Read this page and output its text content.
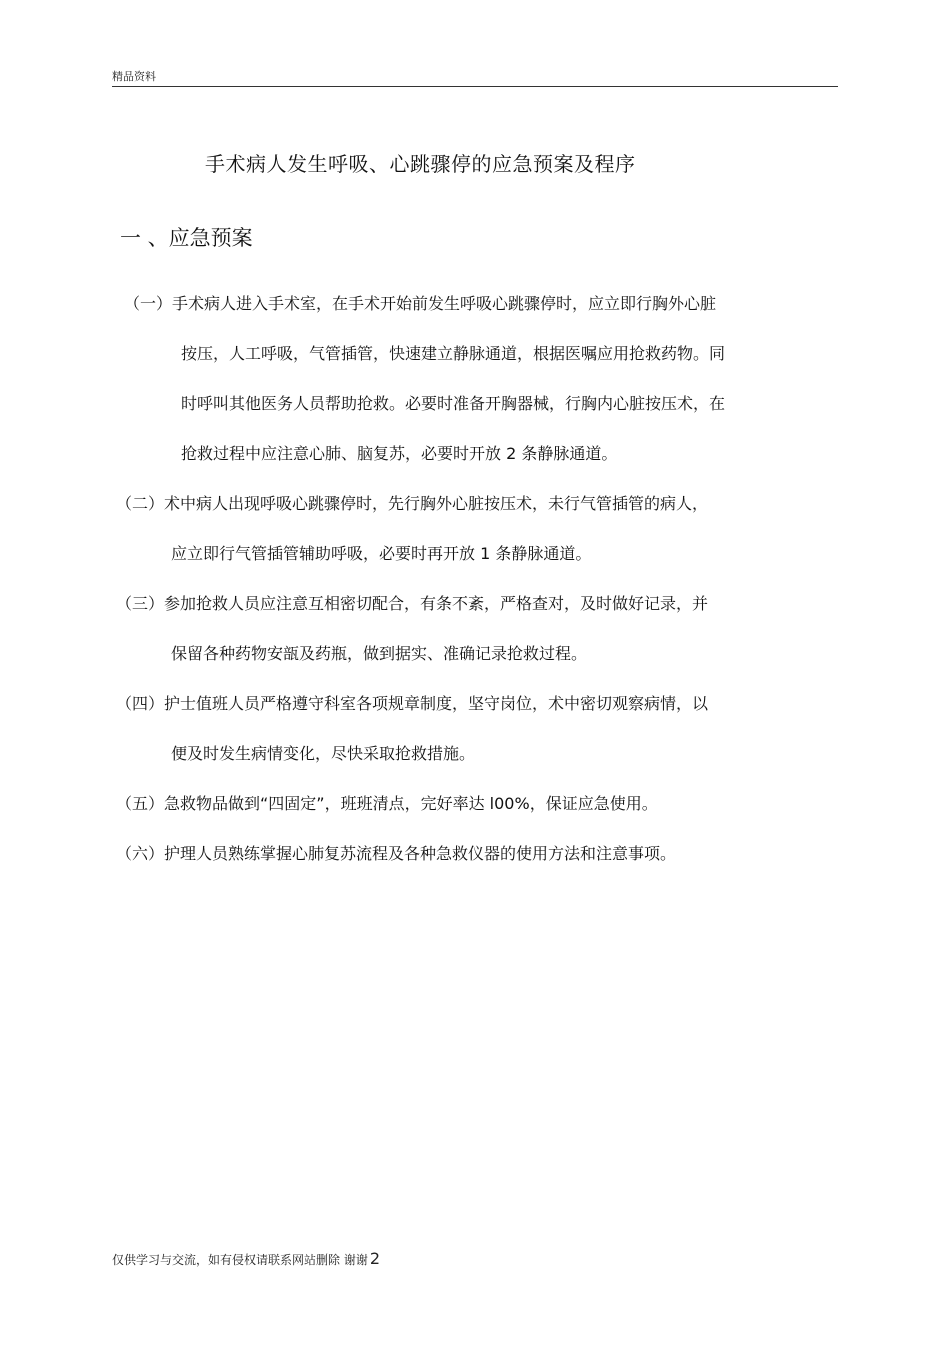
精品资料
手术病人发生呼吸、心跳骤停的应急预案及程序
一 、应急预案
（一）手术病人进入手术室，在手术开始前发生呼吸心跳骤停时，应立即行胸外心脏
按压，人工呼吸，气管插管，快速建立静脉通道，根据医嘱应用抢救药物。同
时呼叫其他医务人员帮助抢救。必要时准备开胸器械，行胸内心脏按压术，在
抢救过程中应注意心肺、脑复苏，必要时开放 2 条静脉通道。
（二）术中病人出现呼吸心跳骤停时，先行胸外心脏按压术，未行气管插管的病人，
应立即行气管插管辅助呼吸，必要时再开放 1 条静脉通道。
（三）参加抢救人员应注意互相密切配合，有条不紊，严格查对，及时做好记录，并
保留各种药物安瓿及药瓶，做到据实、准确记录抢救过程。
（四）护士值班人员严格遵守科室各项规章制度，坚守岗位，术中密切观察病情，以
便及时发生病情变化，尽快采取抢救措施。
（五）急救物品做到“四固定”，班班清点，完好率达 l00%，保证应急使用。
（六）护理人员熟练掌握心肺复苏流程及各种急救仪器的使用方法和注意事项。
仅供学习与交流，如有侵权请联系网站删除 谢谢 2
